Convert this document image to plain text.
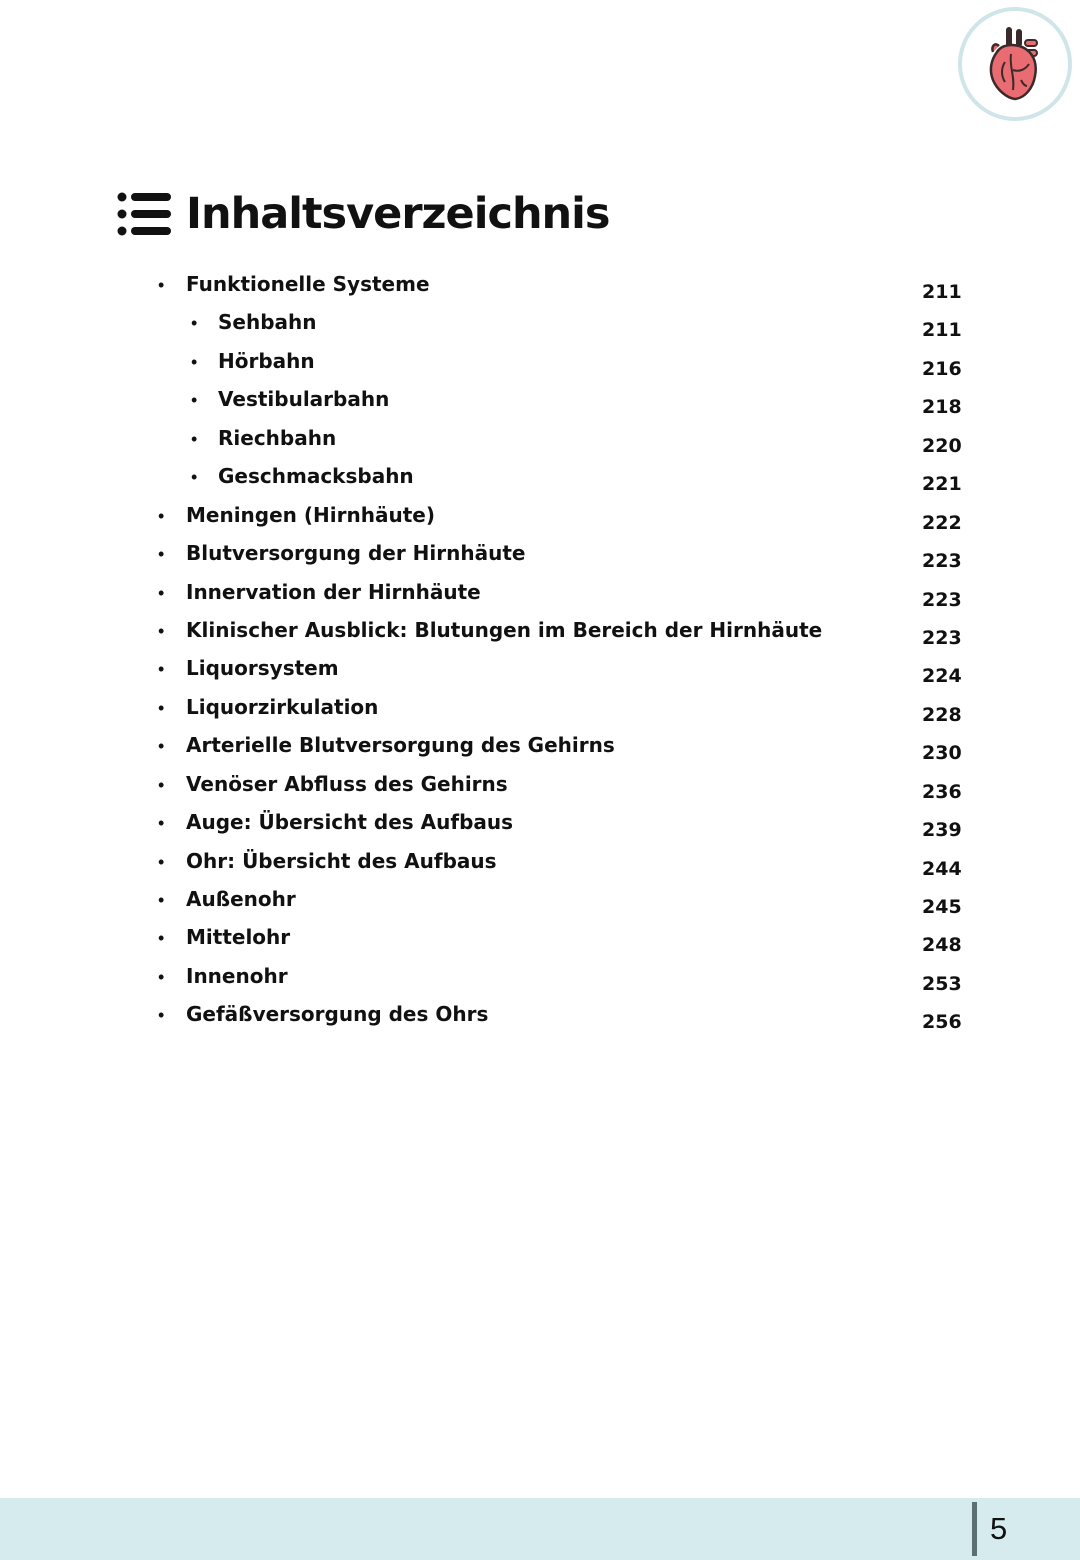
Inhaltsverzeichnis
• Funktionelle Systeme	211
• Sehbahn	211
• Hörbahn	216
• Vestibularbahn	218
• Riechbahn	220
• Geschmacksbahn	221
• Meningen (Hirnhäute)	222
• Blutversorgung der Hirnhäute	223
• Innervation der Hirnhäute	223
• Klinischer Ausblick: Blutungen im Bereich der Hirnhäute	223
• Liquorsystem	224
• Liquorzirkulation	228
• Arterielle Blutversorgung des Gehirns	230
• Venöser Abfluss des Gehirns	236
• Auge: Übersicht des Aufbaus	239
• Ohr: Übersicht des Aufbaus	244
• Außenohr	245
• Mittelohr	248
• Innenohr	253
• Gefäßversorgung des Ohrs	256
5
